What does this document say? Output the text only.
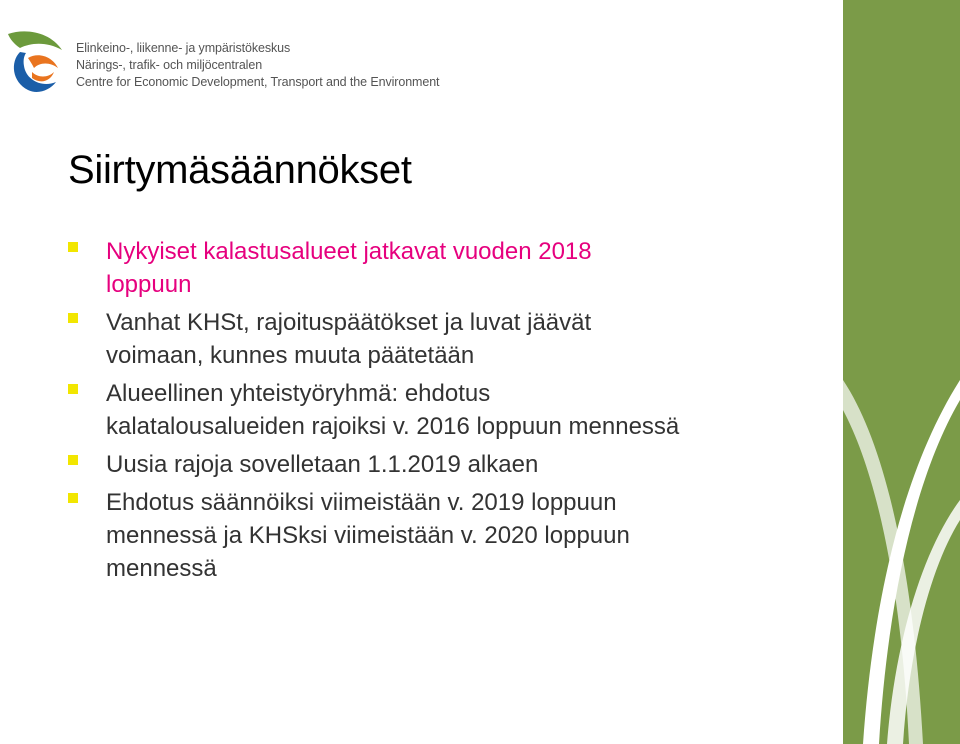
Elinkeino-, liikenne- ja ympäristökeskus
Närings-, trafik- och miljöcentralen
Centre for Economic Development, Transport and the Environment
Siirtymäsäännökset
Nykyiset kalastusalueet jatkavat vuoden 2018
loppuun
Vanhat KHSt, rajoituspäätökset ja luvat jäävät
voimaan, kunnes muuta päätetään
Alueellinen yhteistyöryhmä: ehdotus
kalatalousalueiden rajoiksi v. 2016 loppuun mennessä
Uusia rajoja sovelletaan 1.1.2019 alkaen
Ehdotus säännöiksi viimeistään v. 2019 loppuun
mennessä ja KHSksi viimeistään v. 2020 loppuun
mennessä
